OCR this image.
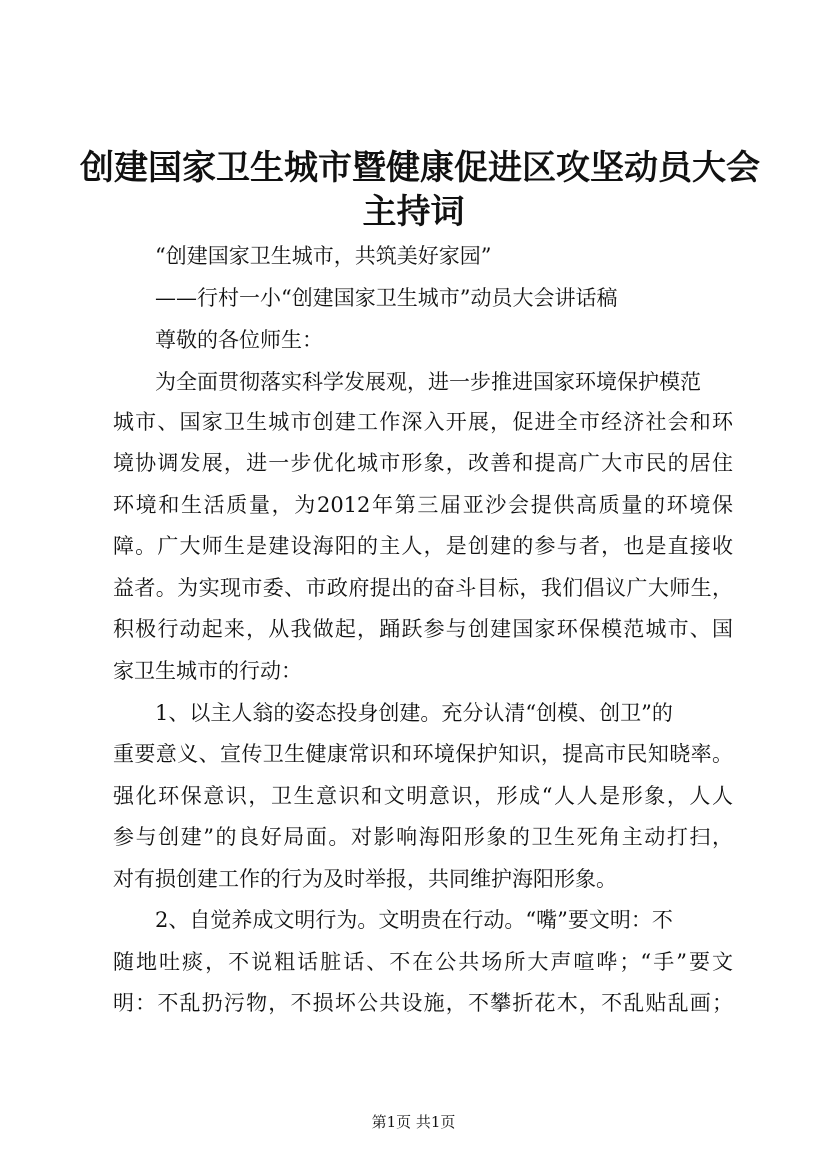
创建国家卫生城市暨健康促进区攻坚动员大会
主持词
“创建国家卫生城市，共筑美好家园”
——行村一小“创建国家卫生城市”动员大会讲话稿
尊敬的各位师生：
为全面贯彻落实科学发展观，进一步推进国家环境保护模范
城市、国家卫生城市创建工作深入开展，促进全市经济社会和环
境协调发展，进一步优化城市形象，改善和提高广大市民的居住
环境和生活质量，为2012年第三届亚沙会提供高质量的环境保
障。广大师生是建设海阳的主人，是创建的参与者，也是直接收
益者。为实现市委、市政府提出的奋斗目标，我们倡议广大师生，
积极行动起来，从我做起，踊跃参与创建国家环保模范城市、国
家卫生城市的行动：
1、以主人翁的姿态投身创建。充分认清“创模、创卫”的
重要意义、宣传卫生健康常识和环境保护知识，提高市民知晓率。
强化环保意识，卫生意识和文明意识，形成“人人是形象，人人
参与创建”的良好局面。对影响海阳形象的卫生死角主动打扫，
对有损创建工作的行为及时举报，共同维护海阳形象。
2、自觉养成文明行为。文明贵在行动。“嘴”要文明：不
随地吐痰，不说粗话脏话、不在公共场所大声喧哗；“手”要文
明：不乱扔污物，不损坏公共设施，不攀折花木，不乱贴乱画；
第1页 共1页
